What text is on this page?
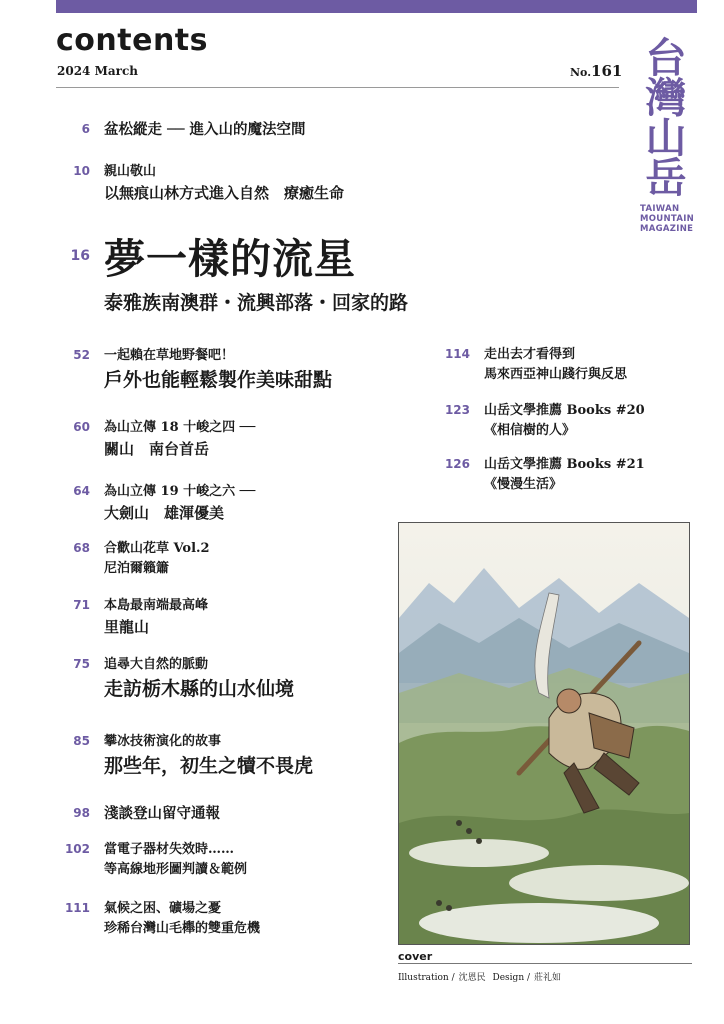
contents
2024 March	No.161 台
灣
山
岳
TAIWAN
MOUNTAIN
MAGAZINE
6 盆松縱走 ── 進入山的魔法空間
10 親山敬山
以無痕山林方式進入自然　療癒生命
16 夢一樣的流星
泰雅族南澳群・流興部落・回家的路
52 一起賴在草地野餐吧！
戶外也能輕鬆製作美味甜點
60 為山立傳 18 十峻之四 ──
關山　南台首岳
64 為山立傳 19 十峻之六 ──
大劍山　雄渾優美
68 合歡山花草 Vol.2
尼泊爾籟簫
71 本島最南端最高峰
里龍山
75 追尋大自然的脈動
走訪栃木縣的山水仙境
85 攀冰技術演化的故事
那些年，初生之犢不畏虎
98 淺談登山留守通報
102 當電子器材失效時……
等高線地形圖判讀＆範例
111 氣候之困、礦場之憂
珍稀台灣山毛櫸的雙重危機
114 走出去才看得到
馬來西亞神山踐行與反思
123 山岳文學推薦 Books #20
《相信樹的人》
126 山岳文學推薦 Books #21
《慢漫生活》
cover
Illustration / 沈恩民 Design / 莊礼如
